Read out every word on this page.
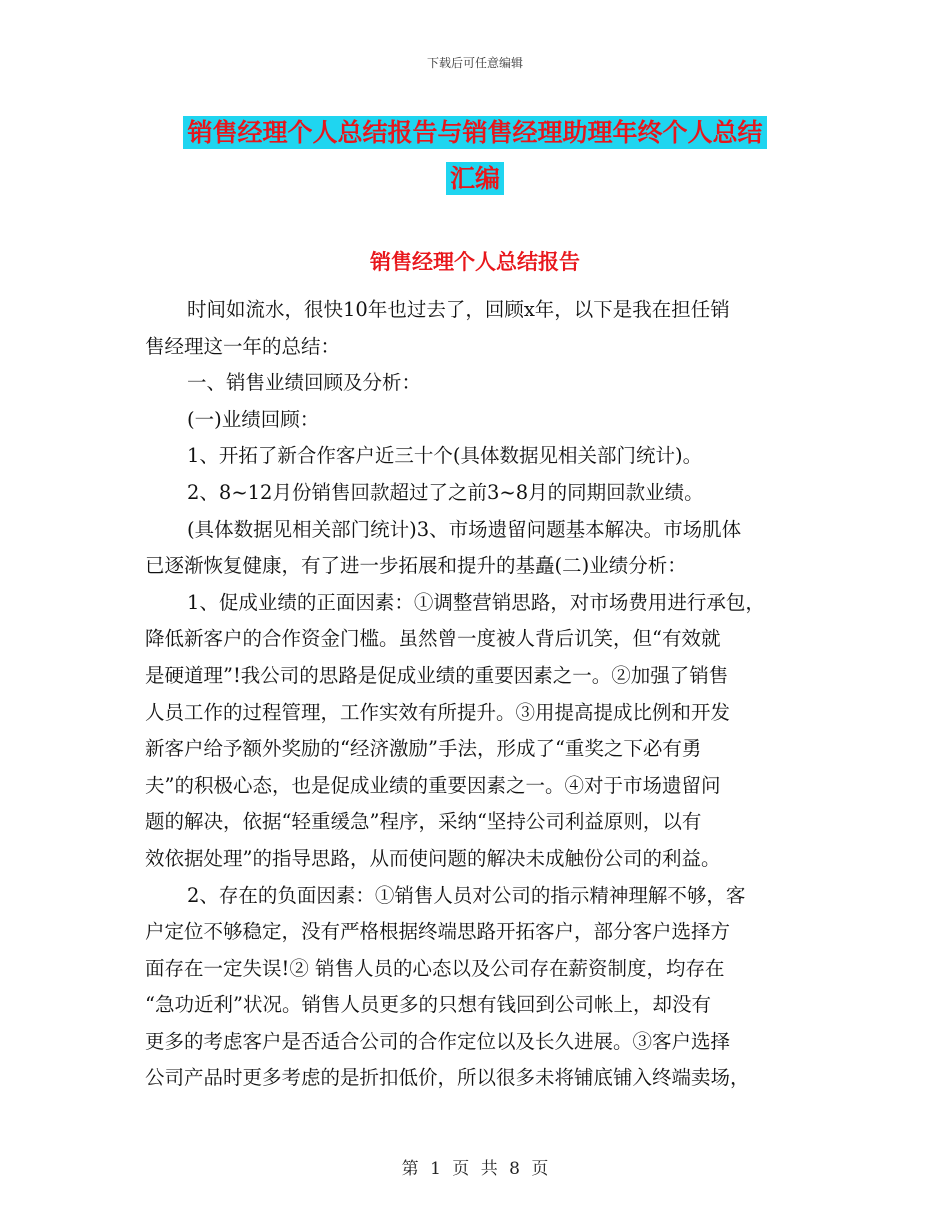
下载后可任意编辑
销售经理个人总结报告与销售经理助理年终个人总结
汇编
销售经理个人总结报告
时间如流水，很快10年也过去了，回顾x年，以下是我在担任销
售经理这一年的总结：
一、销售业绩回顾及分析：
(一)业绩回顾：
1、开拓了新合作客户近三十个(具体数据见相关部门统计)。
2、8~12月份销售回款超过了之前3~8月的同期回款业绩。
(具体数据见相关部门统计)3、市场遗留问题基本解决。市场肌体
已逐渐恢复健康，有了进一步拓展和提升的基矗(二)业绩分析：
1、促成业绩的正面因素：①调整营销思路，对市场费用进行承包，
降低新客户的合作资金门槛。虽然曾一度被人背后讥笑，但“有效就
是硬道理”!我公司的思路是促成业绩的重要因素之一。②加强了销售
人员工作的过程管理，工作实效有所提升。③用提高提成比例和开发
新客户给予额外奖励的“经济激励”手法，形成了“重奖之下必有勇
夫”的积极心态，也是促成业绩的重要因素之一。④对于市场遗留问
题的解决，依据“轻重缓急”程序，采纳“坚持公司利益原则，以有
效依据处理”的指导思路，从而使问题的解决未成触份公司的利益。
2、存在的负面因素：①销售人员对公司的指示精神理解不够，客
户定位不够稳定，没有严格根据终端思路开拓客户，部分客户选择方
面存在一定失误!② 销售人员的心态以及公司存在薪资制度，均存在
“急功近利”状况。销售人员更多的只想有钱回到公司帐上，却没有
更多的考虑客户是否适合公司的合作定位以及长久进展。③客户选择
公司产品时更多考虑的是折扣低价，所以很多未将铺底铺入终端卖场，
第 1 页 共 8 页
